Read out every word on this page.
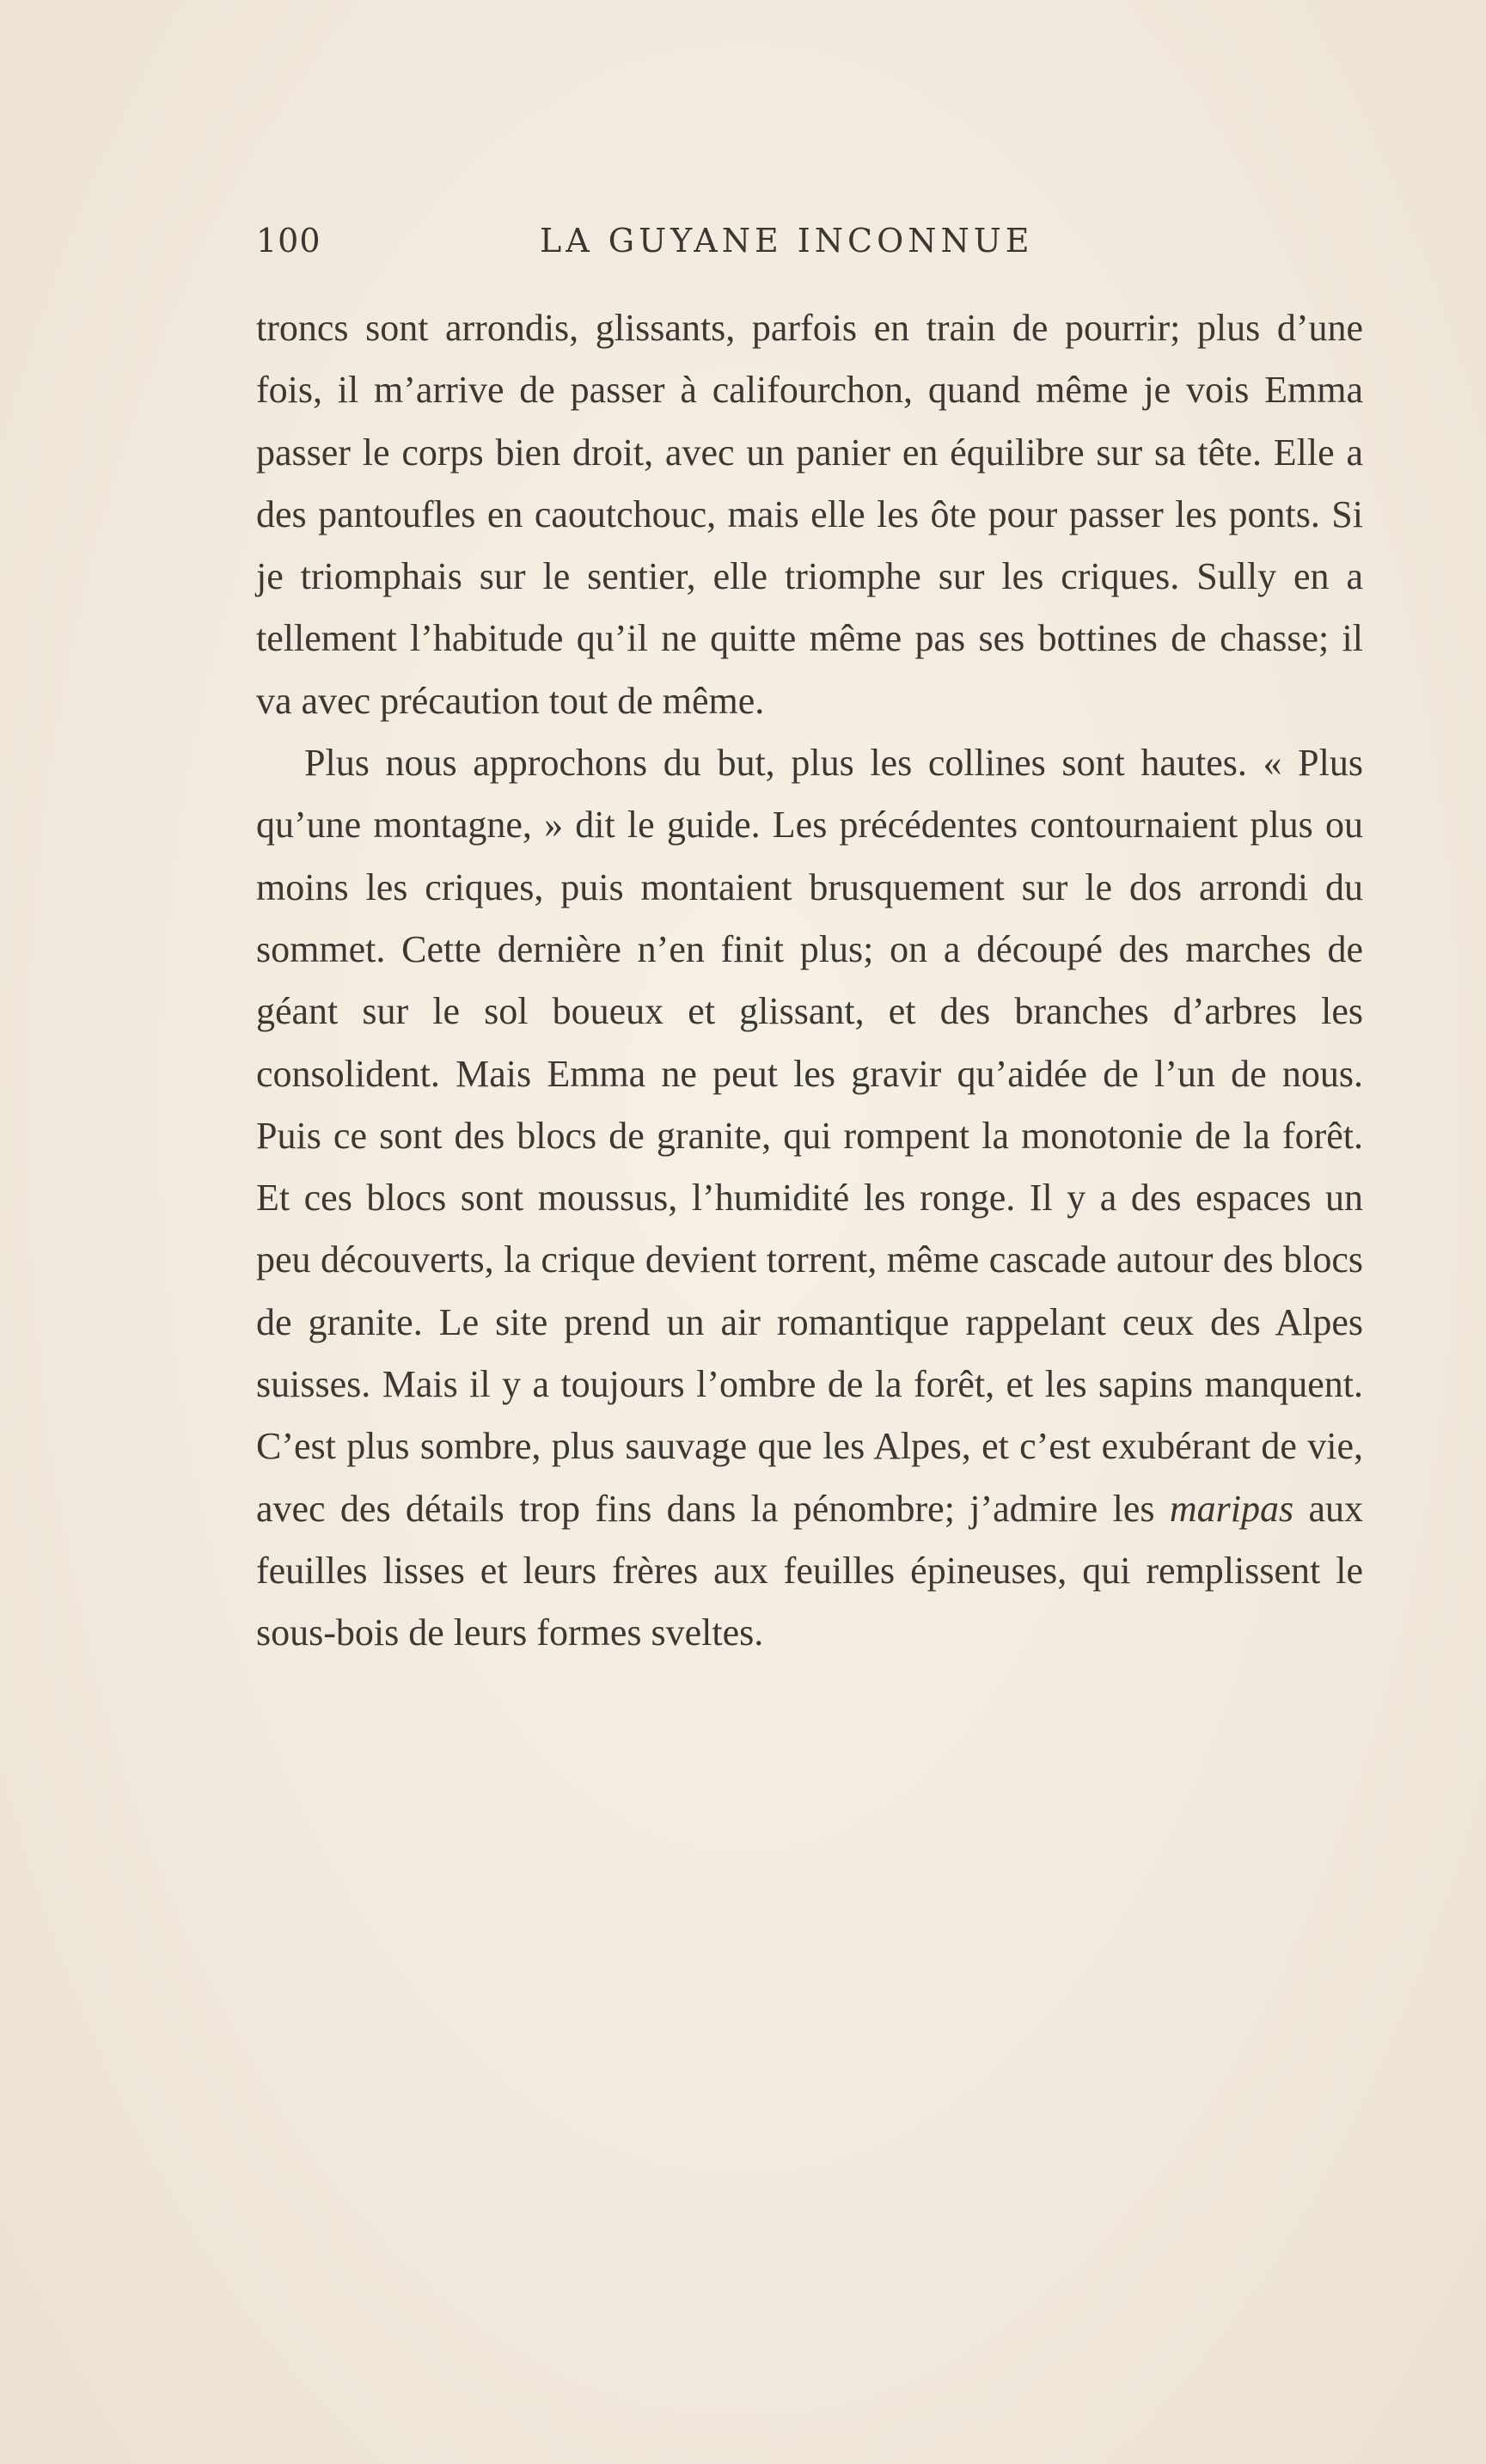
100	LA GUYANE INCONNUE

troncs sont arrondis, glissants, parfois en train de pourrir; plus d’une fois, il m’arrive de passer à califourchon, quand même je vois Emma passer le corps bien droit, avec un panier en équilibre sur sa tête. Elle a des pantoufles en caoutchouc, mais elle les ôte pour passer les ponts. Si je triomphais sur le sentier, elle triomphe sur les criques. Sully en a tellement l’habitude qu’il ne quitte même pas ses bottines de chasse; il va avec précaution tout de même.

Plus nous approchons du but, plus les collines sont hautes. « Plus qu’une montagne, » dit le guide. Les précédentes contournaient plus ou moins les criques, puis montaient brusquement sur le dos arrondi du sommet. Cette dernière n’en finit plus; on a découpé des marches de géant sur le sol boueux et glissant, et des branches d’arbres les consolident. Mais Emma ne peut les gravir qu’aidée de l’un de nous. Puis ce sont des blocs de granite, qui rompent la monotonie de la forêt. Et ces blocs sont moussus, l’humidité les ronge. Il y a des espaces un peu découverts, la crique devient torrent, même cascade autour des blocs de granite. Le site prend un air romantique rappelant ceux des Alpes suisses. Mais il y a toujours l’ombre de la forêt, et les sapins manquent. C’est plus sombre, plus sauvage que les Alpes, et c’est exubérant de vie, avec des détails trop fins dans la pénombre; j’admire les maripas aux feuilles lisses et leurs frères aux feuilles épineuses, qui remplissent le sous-bois de leurs formes sveltes.
